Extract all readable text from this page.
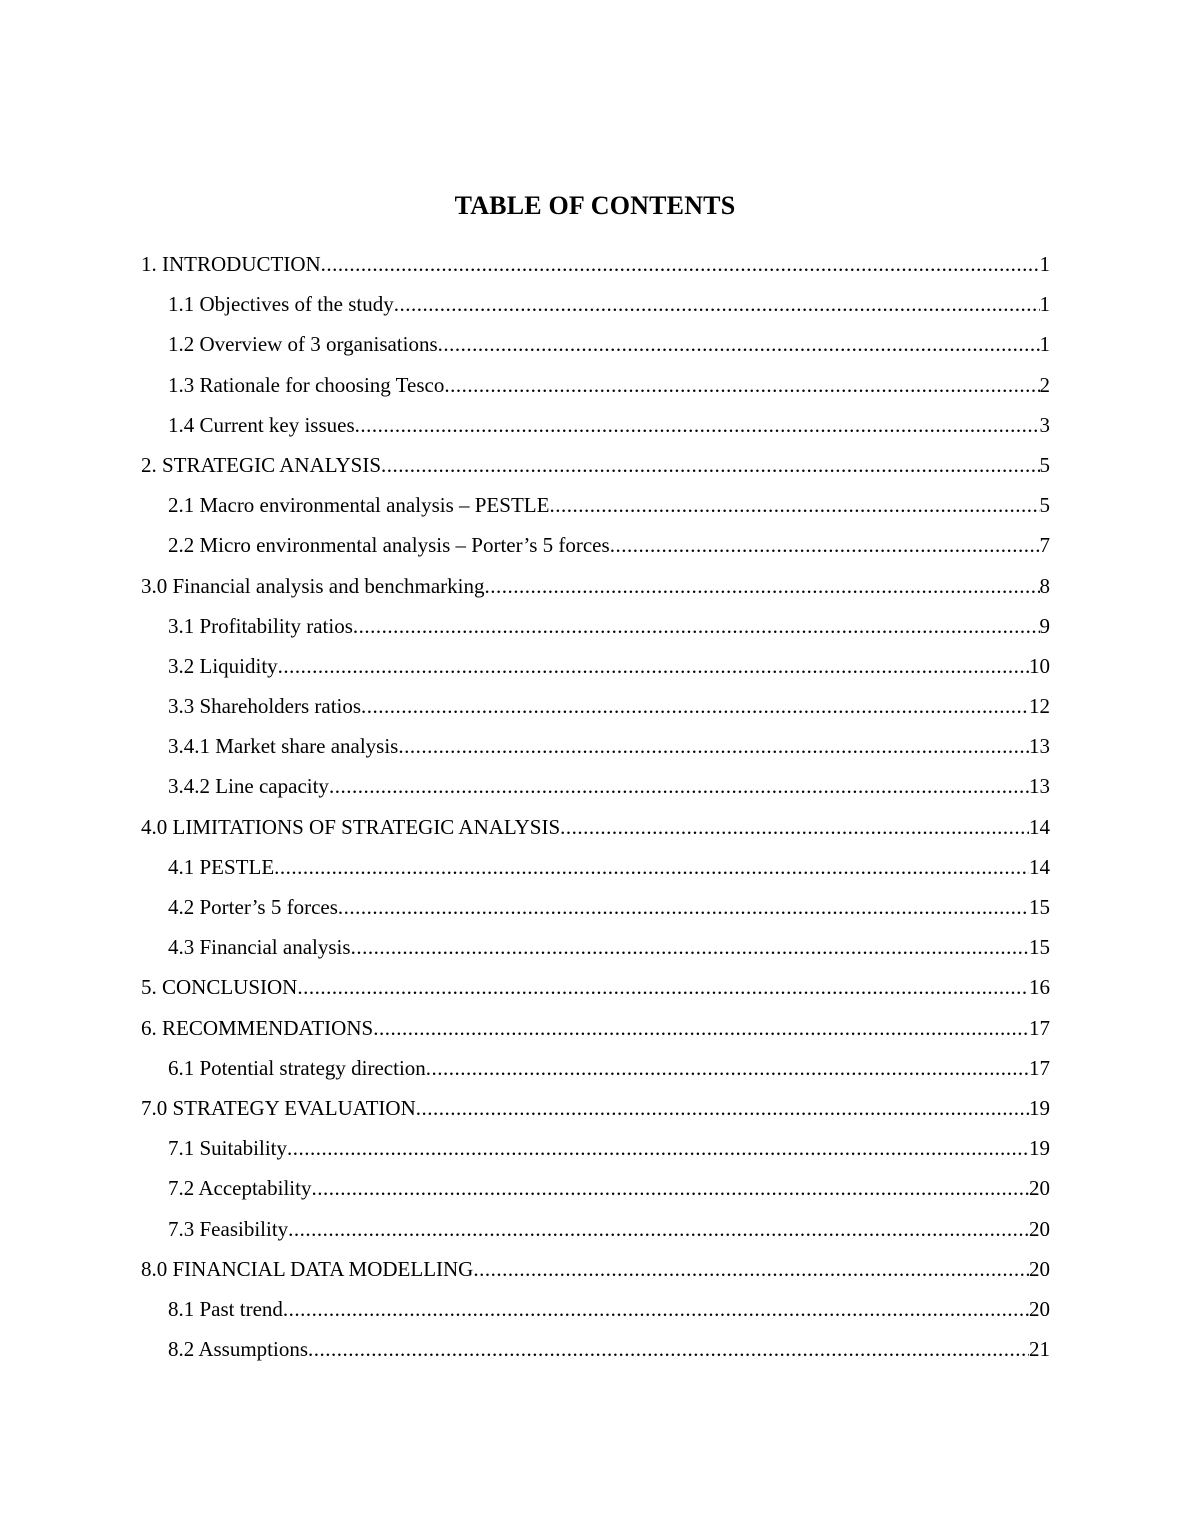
TABLE OF CONTENTS
1. INTRODUCTION .....	1
1.1 Objectives of the study .....	1
1.2 Overview of 3 organisations .....	1
1.3 Rationale for choosing Tesco .....	2
1.4 Current key issues .....	3
2. STRATEGIC ANALYSIS .....	5
2.1 Macro environmental analysis – PESTLE .....	5
2.2 Micro environmental analysis – Porter’s 5 forces .....	7
3.0 Financial analysis and benchmarking .....	8
3.1 Profitability ratios .....	9
3.2 Liquidity .....	10
3.3 Shareholders ratios .....	12
3.4.1 Market share analysis .....	13
3.4.2 Line capacity .....	13
4.0 LIMITATIONS OF STRATEGIC ANALYSIS .....	14
4.1 PESTLE .....	14
4.2 Porter’s 5 forces .....	15
4.3 Financial analysis .....	15
5. CONCLUSION .....	16
6. RECOMMENDATIONS .....	17
6.1 Potential strategy direction .....	17
7.0 STRATEGY EVALUATION .....	19
7.1 Suitability .....	19
7.2 Acceptability .....	20
7.3 Feasibility .....	20
8.0 FINANCIAL DATA MODELLING .....	20
8.1 Past trend .....	20
8.2 Assumptions .....	21
